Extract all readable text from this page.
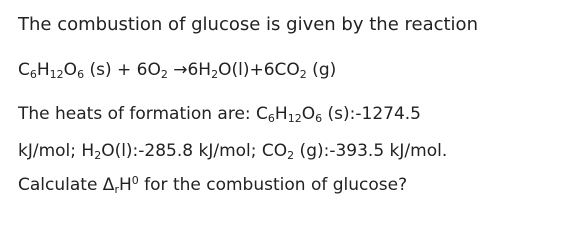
The combustion of glucose is given by the reaction
$C_6H_{12}O_6$ $(s) + 6O_2 \to 6H_2O(l)+6CO_2$ (g)
The heats of formation are: $C_6H_{12}O_6$ (s):-1274.5
kJ/mol; $H_2O(l):-285.8$ kJ/mol; $CO_2$ (g):-393.5 kJ/mol.
Calculate $\Delta_rH^0$ for the combustion of glucose?
